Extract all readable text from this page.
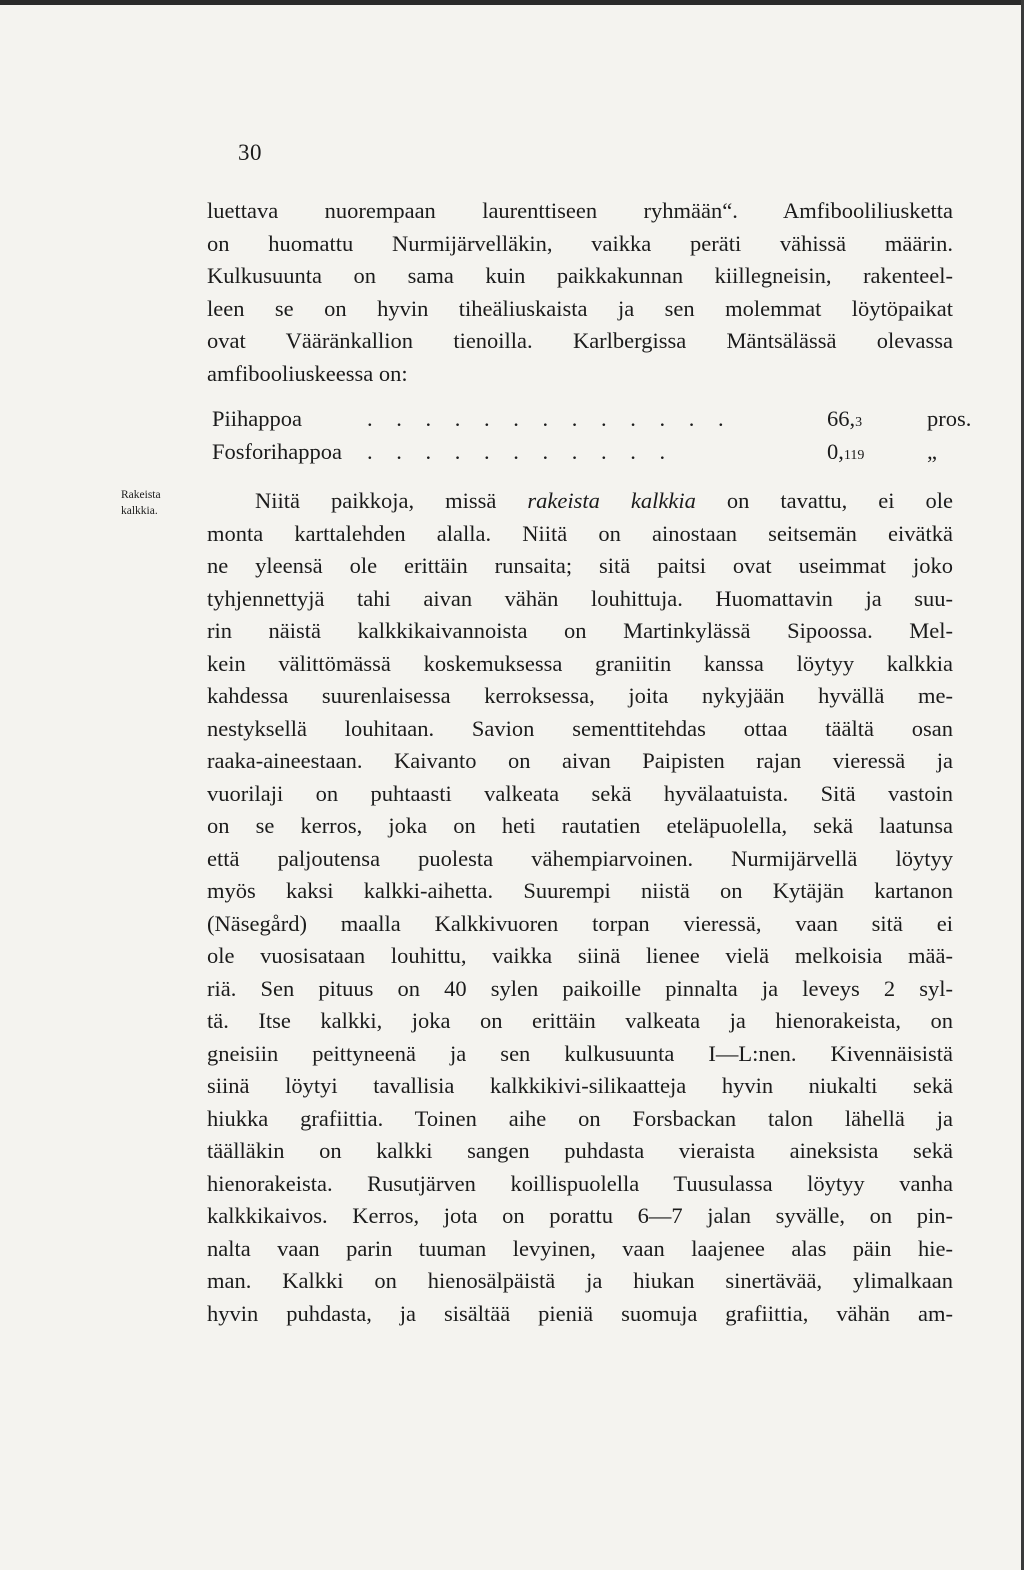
30
luettava nuorempaan laurenttiseen ryhmään“. Amfibooliliusketta
on huomattu Nurmijärvelläkin, vaikka peräti vähissä määrin.
Kulkusuunta on sama kuin paikkakunnan kiillegneisin, rakenteel-
leen se on hyvin tiheäliuskaista ja sen molemmat löytöpaikat
ovat Vääränkallion tienoilla. Karlbergissa Mäntsälässä olevassa
amfibooliuskeessa on:
Piihappoa	. . . . . . . . . . . . .	66,3	pros.
Fosforihappoa . . . . . . . . . . .	0,119	„
Rakeista
kalkkia.	Niitä paikkoja, missä rakeista kalkkia on tavattu, ei ole
monta karttalehden alalla. Niitä on ainostaan seitsemän eivätkä
ne yleensä ole erittäin runsaita; sitä paitsi ovat useimmat joko
tyhjennettyjä tahi aivan vähän louhittuja. Huomattavin ja suu-
rin näistä kalkkikaivannoista on Martinkylässä Sipoossa. Mel-
kein välittömässä koskemuksessa graniitin kanssa löytyy kalkkia
kahdessa suurenlaisessa kerroksessa, joita nykyjään hyvällä me-
nestyksellä louhitaan. Savion sementtitehdas ottaa täältä osan
raaka-aineestaan. Kaivanto on aivan Paipisten rajan vieressä ja
vuorilaji on puhtaasti valkeata sekä hyvälaatuista. Sitä vastoin
on se kerros, joka on heti rautatien eteläpuolella, sekä laatunsa
että paljoutensa puolesta vähempiarvoinen. Nurmijärvellä löytyy
myös kaksi kalkki-aihetta. Suurempi niistä on Kytäjän kartanon
(Näsegård) maalla Kalkkivuoren torpan vieressä, vaan sitä ei
ole vuosisataan louhittu, vaikka siinä lienee vielä melkoisia mää-
riä. Sen pituus on 40 sylen paikoille pinnalta ja leveys 2 syl-
tä. Itse kalkki, joka on erittäin valkeata ja hienorakeista, on
gneisiin peittyneenä ja sen kulkusuunta I—L:nen. Kivennäisistä
siinä löytyi tavallisia kalkkikivi-silikaatteja hyvin niukalti sekä
hiukka grafiittia. Toinen aihe on Forsbackan talon lähellä ja
täälläkin on kalkki sangen puhdasta vieraista aineksista sekä
hienorakeista. Rusutjärven koillispuolella Tuusulassa löytyy vanha
kalkkikaivos. Kerros, jota on porattu 6—7 jalan syvälle, on pin-
nalta vaan parin tuuman levyinen, vaan laajenee alas päin hie-
man. Kalkki on hienosälpäistä ja hiukan sinertävää, ylimalkaan
hyvin puhdasta, ja sisältää pieniä suomuja grafiittia, vähän am-
